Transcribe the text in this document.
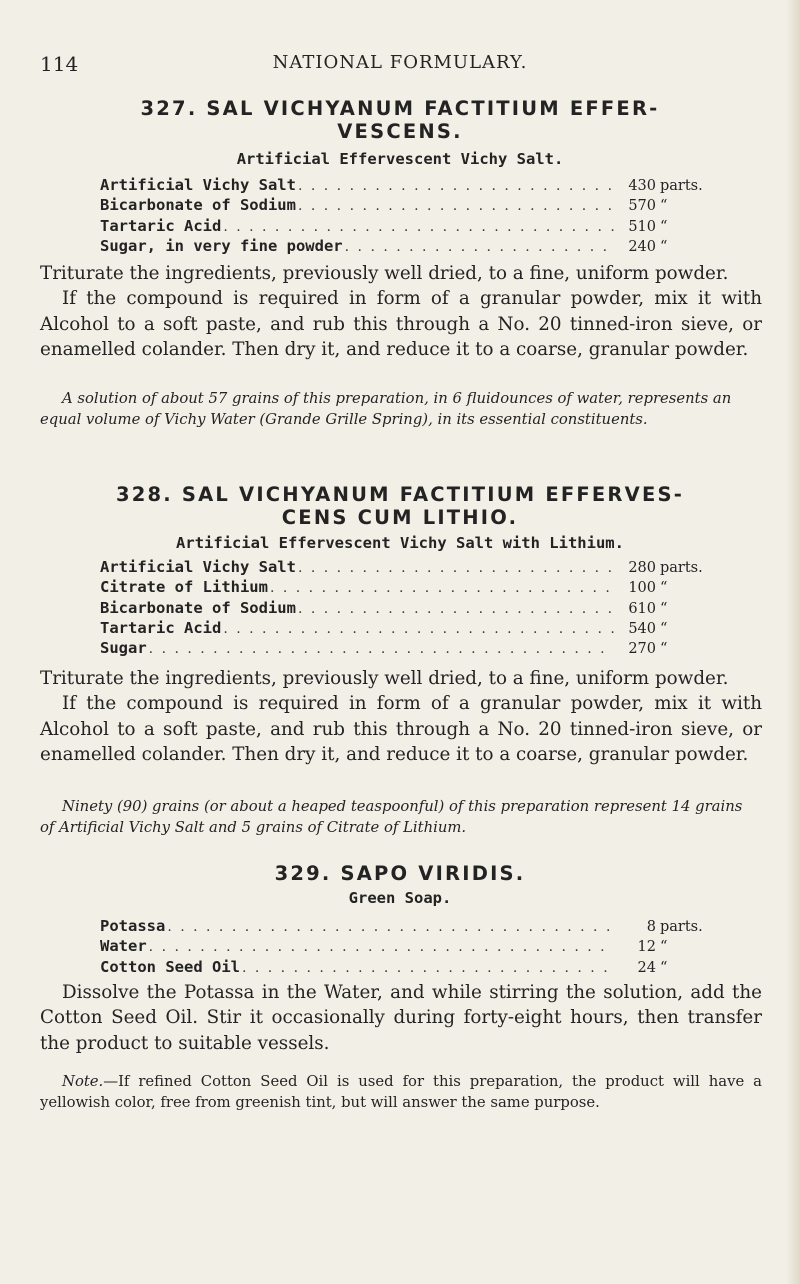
114	NATIONAL FORMULARY.
327. SAL VICHYANUM FACTITIUM EFFER-
VESCENS.
Artificial Effervescent Vichy Salt.
Artificial Vichy Salt . . .	430 parts.
Bicarbonate of Sodium . . .	570 “
Tartaric Acid . . .	510 “
Sugar, in very fine powder . . .	240 “

Triturate the ingredients, previously well dried, to a fine, uniform powder.

If the compound is required in form of a granular powder, mix it with Alcohol to a soft paste, and rub this through a No. 20 tinned-iron sieve, or enamelled colander. Then dry it, and reduce it to a coarse, granular powder.

A solution of about 57 grains of this preparation, in 6 fluidounces of water, represents an equal volume of Vichy Water (Grande Grille Spring), in its essential constituents.
328. SAL VICHYANUM FACTITIUM EFFERVES-
CENS CUM LITHIO.
Artificial Effervescent Vichy Salt with Lithium.
Artificial Vichy Salt . . .	280 parts.
Citrate of Lithium . . .	100 “
Bicarbonate of Sodium . . .	610 “
Tartaric Acid . . .	540 “
Sugar . . .	270 “

Triturate the ingredients, previously well dried, to a fine, uniform powder.

If the compound is required in form of a granular powder, mix it with Alcohol to a soft paste, and rub this through a No. 20 tinned-iron sieve, or enamelled colander. Then dry it, and reduce it to a coarse, granular powder.

Ninety (90) grains (or about a heaped teaspoonful) of this preparation represent 14 grains of Artificial Vichy Salt and 5 grains of Citrate of Lithium.
329. SAPO VIRIDIS.
Green Soap.
Potassa . . .	8 parts.
Water . . .	12 “
Cotton Seed Oil . . .	24 “

Dissolve the Potassa in the Water, and while stirring the solution, add the Cotton Seed Oil. Stir it occasionally during forty-eight hours, then transfer the product to suitable vessels.

Note.—If refined Cotton Seed Oil is used for this preparation, the product will have a yellowish color, free from greenish tint, but will answer the same purpose.
